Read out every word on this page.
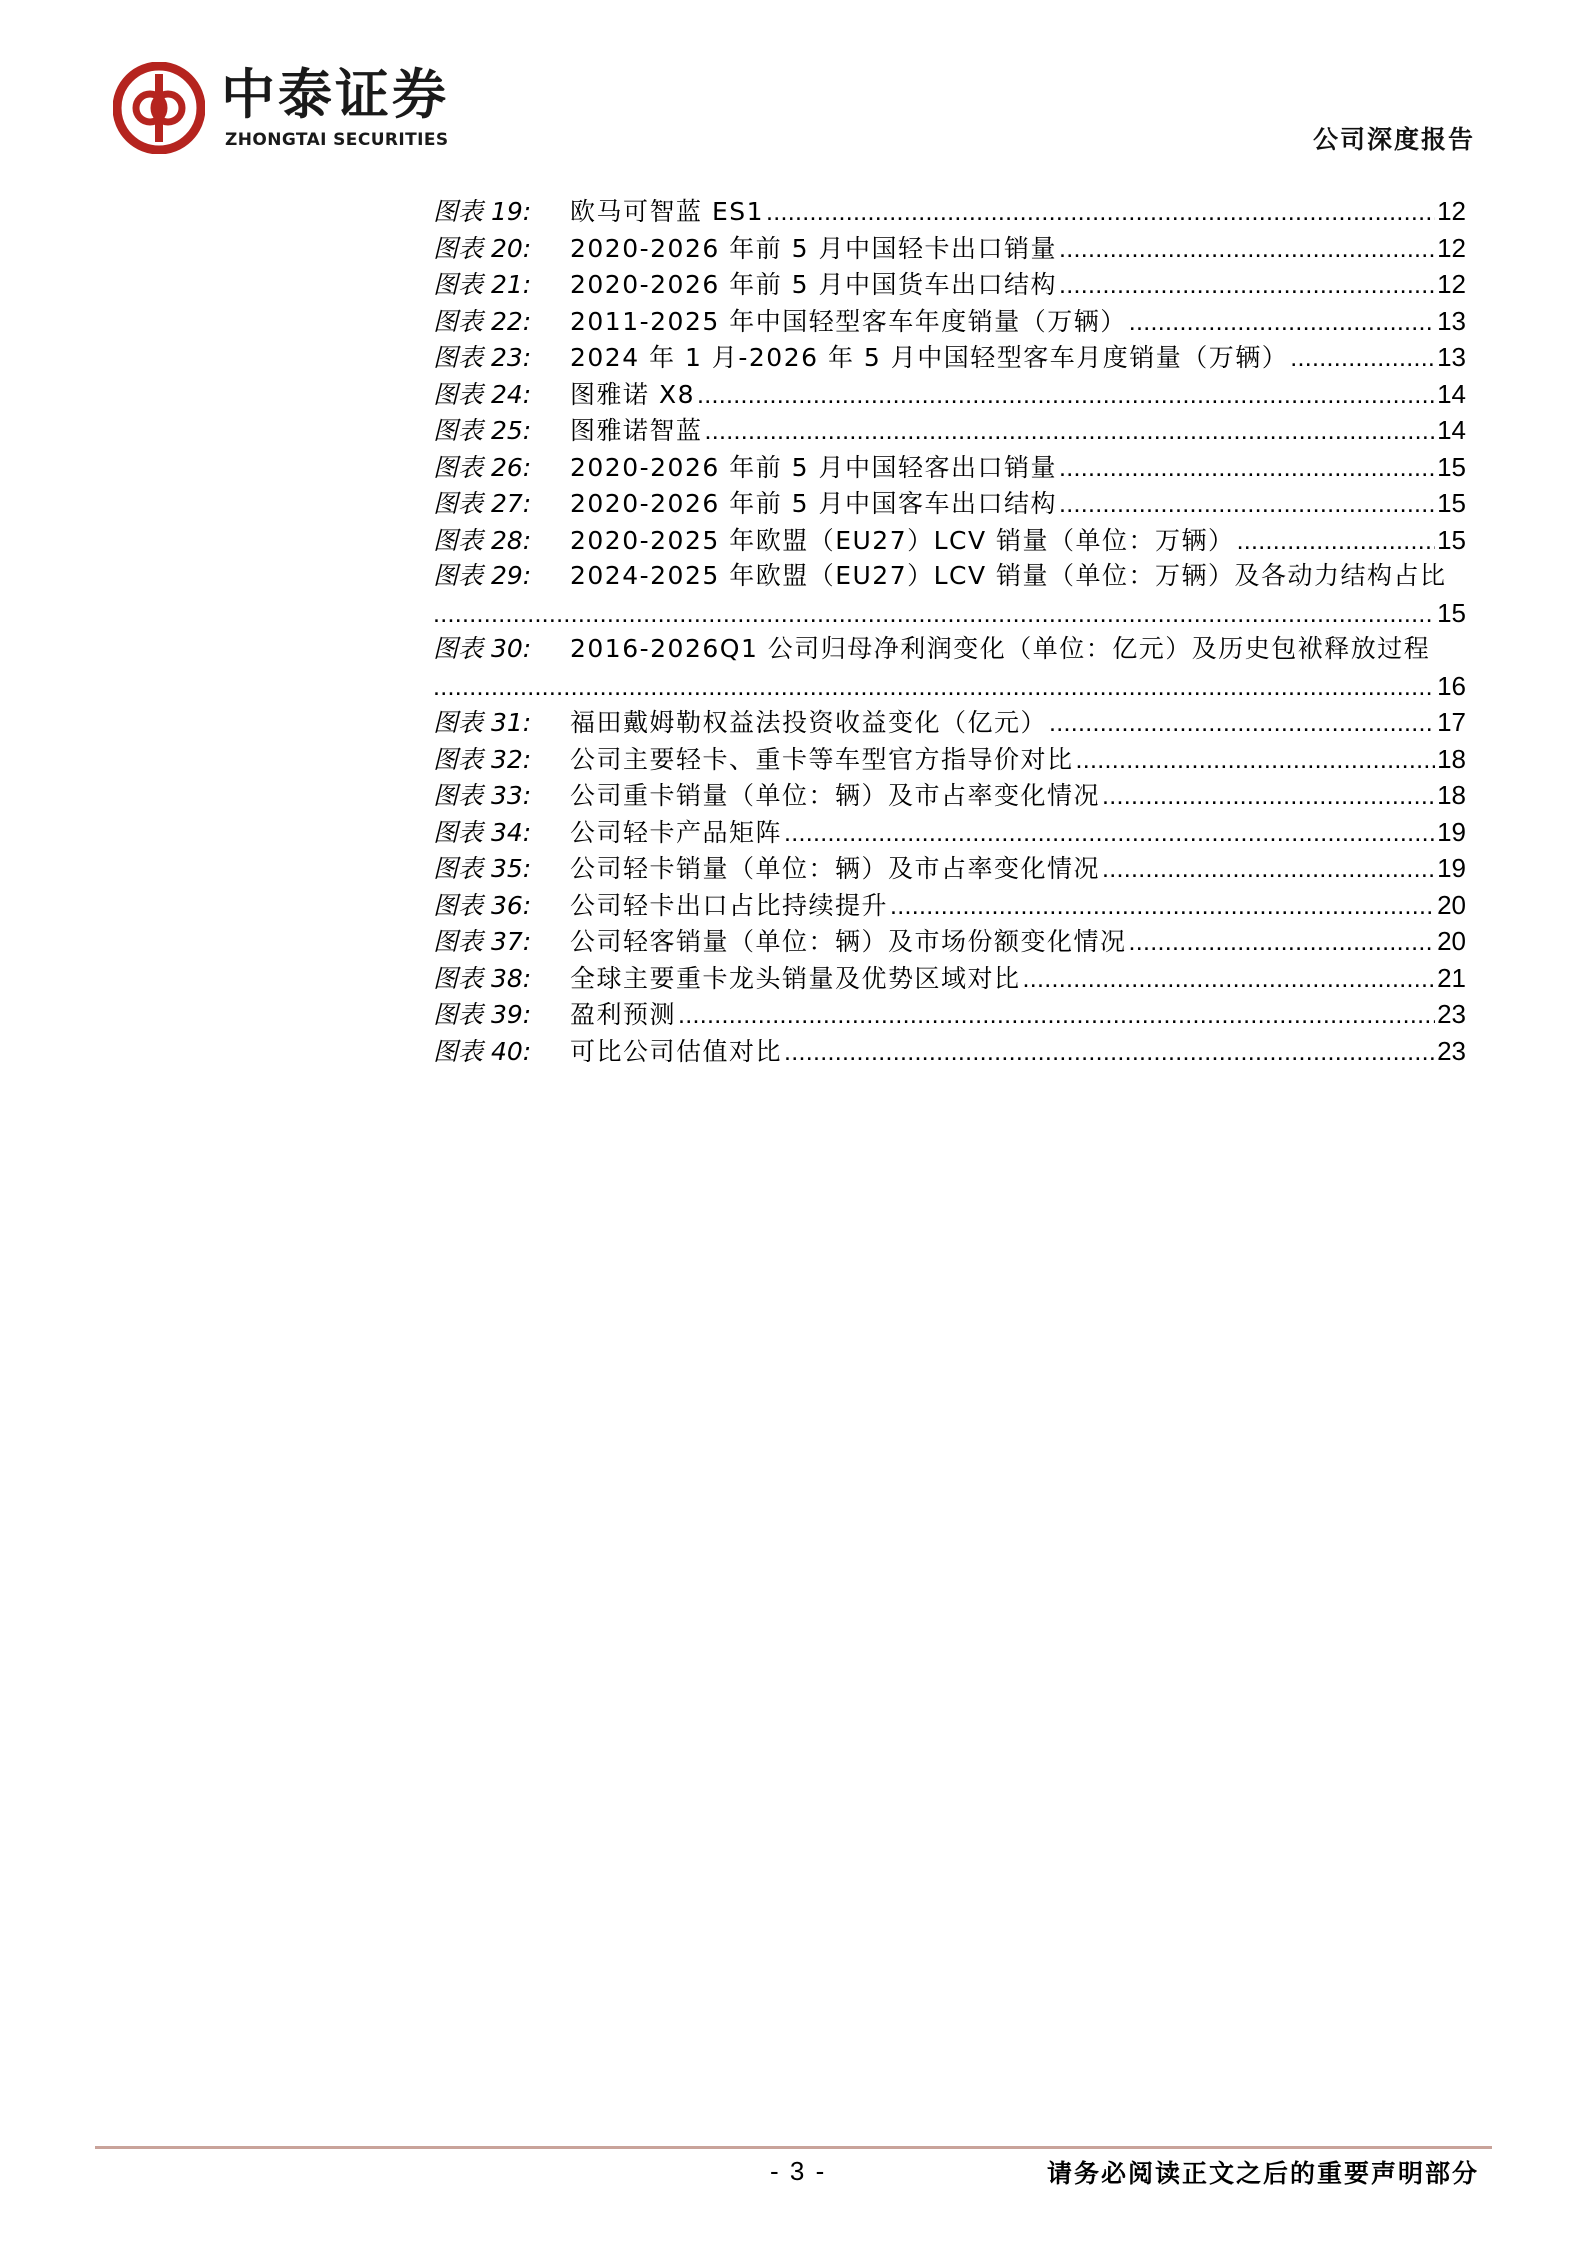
中泰证券
ZHONGTAI SECURITIES	公司深度报告
图表 19:	欧马可智蓝 ES1 .....	12
图表 20:	2020-2026 年前 5 月中国轻卡出口销量 .....	12
图表 21:	2020-2026 年前 5 月中国货车出口结构 .....	12
图表 22:	2011-2025 年中国轻型客车年度销量（万辆） .....	13
图表 23:	2024 年 1 月-2026 年 5 月中国轻型客车月度销量（万辆） .....	13
图表 24:	图雅诺 X8 .....	14
图表 25:	图雅诺智蓝 .....	14
图表 26:	2020-2026 年前 5 月中国轻客出口销量 .....	15
图表 27:	2020-2026 年前 5 月中国客车出口结构 .....	15
图表 28:	2020-2025 年欧盟（EU27）LCV 销量（单位：万辆） .....	15
图表 29:	2024-2025 年欧盟（EU27）LCV 销量（单位：万辆）及各动力结构占比
.....
15
图表 30:	2016-2026Q1 公司归母净利润变化（单位：亿元）及历史包袱释放过程
.....
16
图表 31:	福田戴姆勒权益法投资收益变化（亿元） .....	17
图表 32:	公司主要轻卡、重卡等车型官方指导价对比 .....	18
图表 33:	公司重卡销量（单位：辆）及市占率变化情况 .....	18
图表 34:	公司轻卡产品矩阵 .....	19
图表 35:	公司轻卡销量（单位：辆）及市占率变化情况 .....	19
图表 36:	公司轻卡出口占比持续提升 .....	20
图表 37:	公司轻客销量（单位：辆）及市场份额变化情况 .....	20
图表 38:	全球主要重卡龙头销量及优势区域对比 .....	21
图表 39:	盈利预测 .....	23
图表 40:	可比公司估值对比 .....	23
- 3 -	请务必阅读正文之后的重要声明部分
